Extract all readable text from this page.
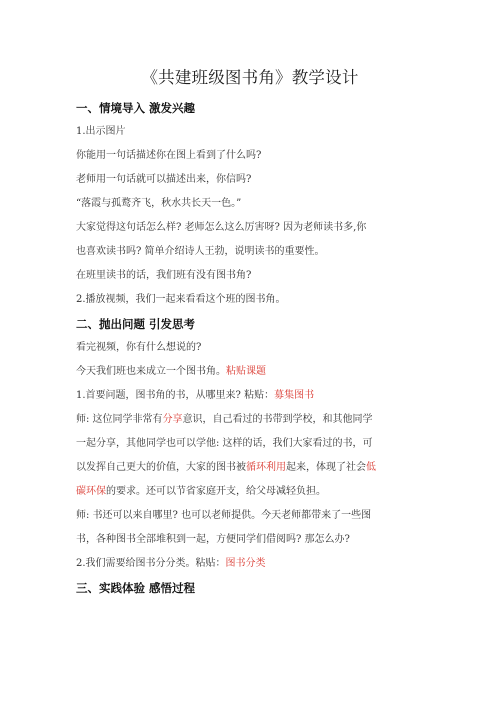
《共建班级图书角》教学设计
一、情境导入 激发兴趣
1.出示图片
你能用一句话描述你在图上看到了什么吗?
老师用一句话就可以描述出来，你信吗?
“落霞与孤鹜齐飞，秋水共长天一色。”
大家觉得这句话怎么样? 老师怎么这么厉害呀? 因为老师读书多,你
也喜欢读书吗? 简单介绍诗人王勃，说明读书的重要性。
在班里读书的话，我们班有没有图书角?
2.播放视频，我们一起来看看这个班的图书角。
二、抛出问题 引发思考
看完视频，你有什么想说的?
今天我们班也来成立一个图书角。粘贴课题
1.首要问题，图书角的书，从哪里来? 粘贴：募集图书
师: 这位同学非常有分享意识，自己看过的书带到学校，和其他同学
一起分享，其他同学也可以学他: 这样的话，我们大家看过的书，可
以发挥自己更大的价值，大家的图书被循环利用起来，体现了社会低
碳环保的要求。还可以节省家庭开支，给父母减轻负担。
师: 书还可以来自哪里? 也可以老师提供。今天老师都带来了一些图
书，各种图书全部堆积到一起，方便同学们借阅吗? 那怎么办?
2.我们需要给图书分分类。粘贴：图书分类
三、实践体验 感悟过程
